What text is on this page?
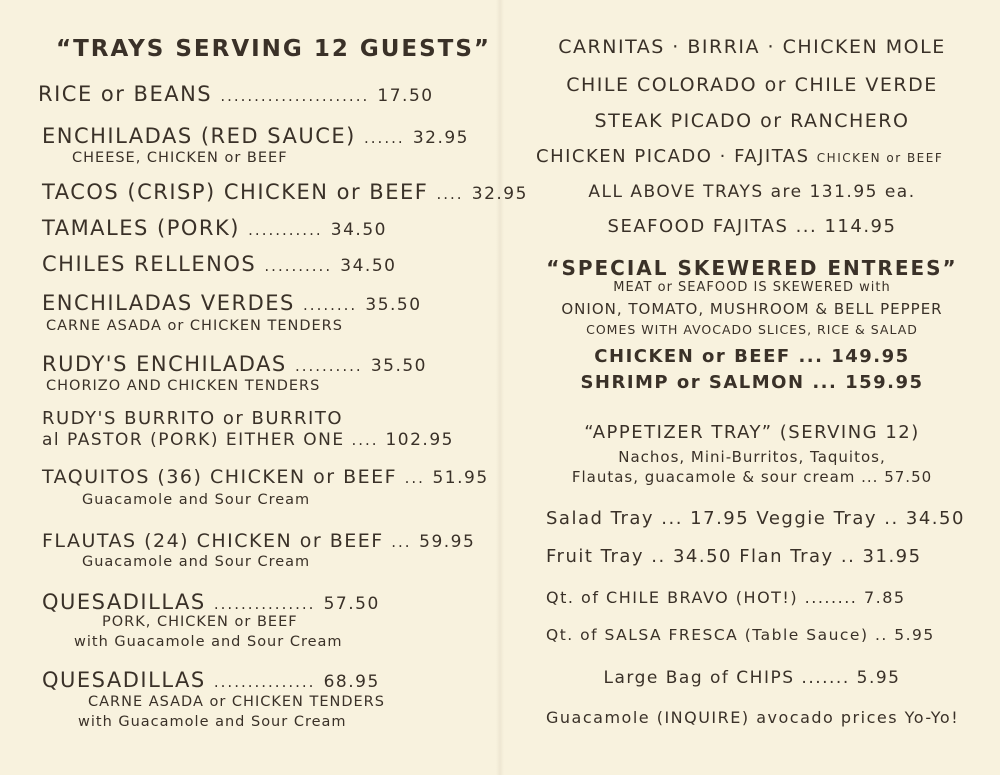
“TRAYS SERVING 12 GUESTS”
RICE or BEANS ...................... 17.50
ENCHILADAS (RED SAUCE) ...... 32.95
CHEESE, CHICKEN or BEEF
TACOS (CRISP) CHICKEN or BEEF .... 32.95
TAMALES (PORK) ........... 34.50
CHILES RELLENOS .......... 34.50
ENCHILADAS VERDES ........ 35.50
CARNE ASADA or CHICKEN TENDERS
RUDY'S ENCHILADAS .......... 35.50
CHORIZO AND CHICKEN TENDERS
RUDY'S BURRITO or BURRITO
al PASTOR (PORK) EITHER ONE .... 102.95
TAQUITOS (36) CHICKEN or BEEF ... 51.95
Guacamole and Sour Cream
FLAUTAS (24) CHICKEN or BEEF ... 59.95
Guacamole and Sour Cream
QUESADILLAS ............... 57.50
PORK, CHICKEN or BEEF
with Guacamole and Sour Cream
QUESADILLAS ............... 68.95
CARNE ASADA or CHICKEN TENDERS
with Guacamole and Sour Cream
CARNITAS · BIRRIA · CHICKEN MOLE
CHILE COLORADO or CHILE VERDE
STEAK PICADO or RANCHERO
CHICKEN PICADO · FAJITAS CHICKEN or BEEF
ALL ABOVE TRAYS are 131.95 ea.
SEAFOOD FAJITAS ... 114.95
“SPECIAL SKEWERED ENTREES”
MEAT or SEAFOOD IS SKEWERED with
ONION, TOMATO, MUSHROOM & BELL PEPPER
COMES WITH AVOCADO SLICES, RICE & SALAD
CHICKEN or BEEF ... 149.95
SHRIMP or SALMON ... 159.95
“APPETIZER TRAY” (SERVING 12)
Nachos, Mini-Burritos, Taquitos,
Flautas, guacamole & sour cream ... 57.50
Salad Tray ... 17.95 Veggie Tray .. 34.50
Fruit Tray .. 34.50 Flan Tray .. 31.95
Qt. of CHILE BRAVO (HOT!) ........ 7.85
Qt. of SALSA FRESCA (Table Sauce) .. 5.95
Large Bag of CHIPS ....... 5.95
Guacamole (INQUIRE) avocado prices Yo-Yo!
